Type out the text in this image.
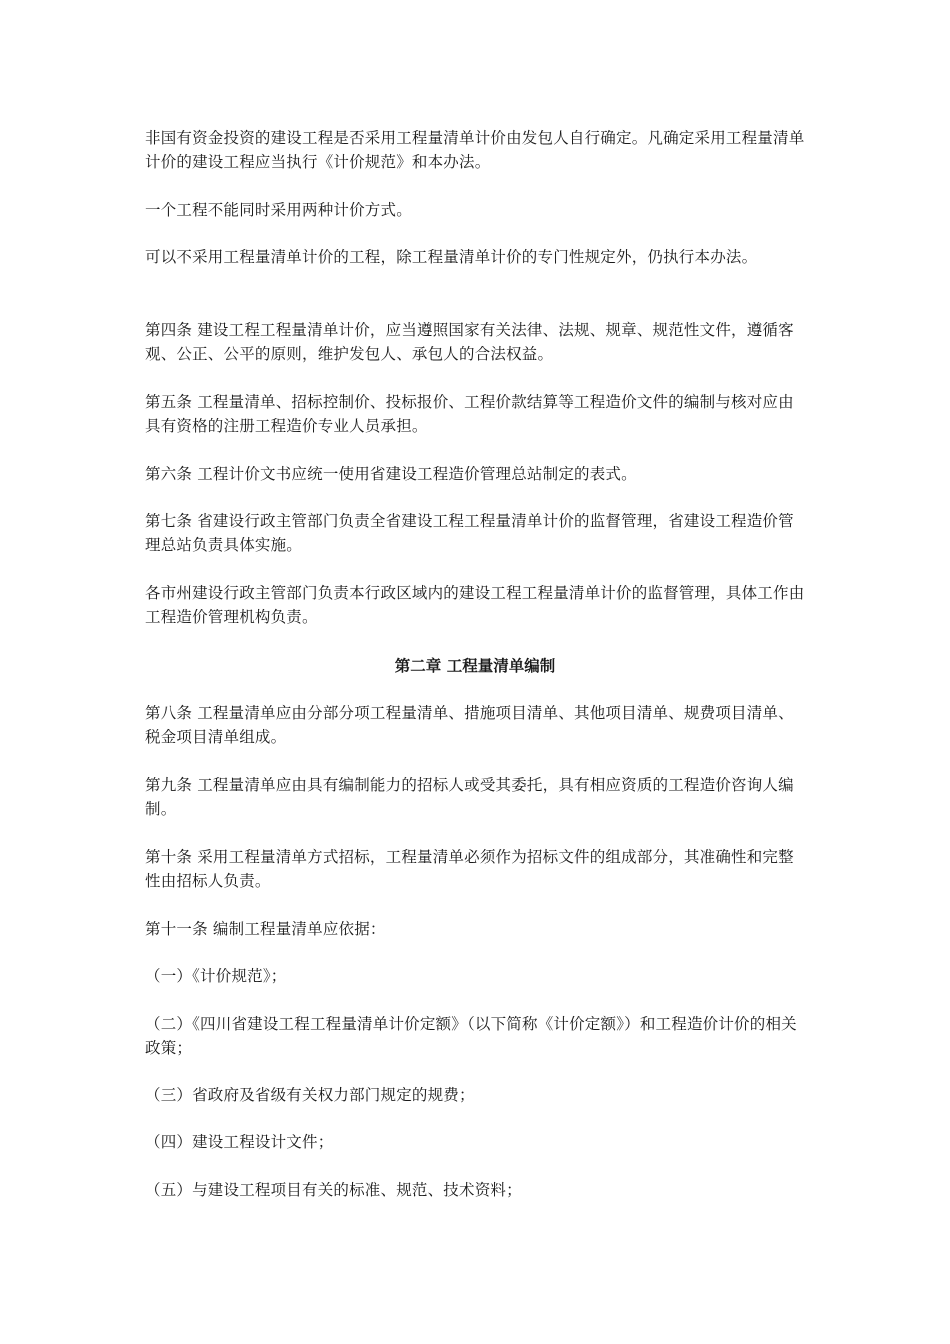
非国有资金投资的建设工程是否采用工程量清单计价由发包人自行确定。凡确定采用工程量清单计价的建设工程应当执行《计价规范》和本办法。

一个工程不能同时采用两种计价方式。

可以不采用工程量清单计价的工程，除工程量清单计价的专门性规定外，仍执行本办法。

第四条 建设工程工程量清单计价，应当遵照国家有关法律、法规、规章、规范性文件，遵循客观、公正、公平的原则，维护发包人、承包人的合法权益。

第五条 工程量清单、招标控制价、投标报价、工程价款结算等工程造价文件的编制与核对应由具有资格的注册工程造价专业人员承担。

第六条 工程计价文书应统一使用省建设工程造价管理总站制定的表式。

第七条 省建设行政主管部门负责全省建设工程工程量清单计价的监督管理，省建设工程造价管理总站负责具体实施。

各市州建设行政主管部门负责本行政区域内的建设工程工程量清单计价的监督管理，具体工作由工程造价管理机构负责。

第二章 工程量清单编制

第八条 工程量清单应由分部分项工程量清单、措施项目清单、其他项目清单、规费项目清单、税金项目清单组成。

第九条 工程量清单应由具有编制能力的招标人或受其委托，具有相应资质的工程造价咨询人编制。

第十条 采用工程量清单方式招标，工程量清单必须作为招标文件的组成部分，其准确性和完整性由招标人负责。

第十一条 编制工程量清单应依据：

（一）《计价规范》；

（二）《四川省建设工程工程量清单计价定额》（以下简称《计价定额》）和工程造价计价的相关政策；

（三）省政府及省级有关权力部门规定的规费；

（四）建设工程设计文件；

（五）与建设工程项目有关的标准、规范、技术资料；
